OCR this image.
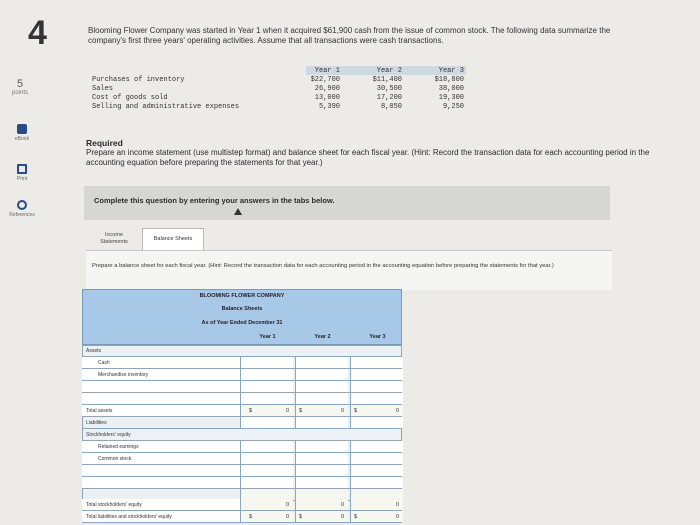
4
5
points
eBook
Print
References
Blooming Flower Company was started in Year 1 when it acquired $61,900 cash from the issue of common stock. The following data summarize the company's first three years' operating activities. Assume that all transactions were cash transactions.
Year 1	Year 2	Year 3
Purchases of inventory	$22,700	$11,400	$18,800
Sales	26,900	30,500	38,000
Cost of goods sold	13,000	17,200	19,300
Selling and administrative expenses	5,390	8,050	9,250
Required
Prepare an income statement (use multistep format) and balance sheet for each fiscal year. (Hint: Record the transaction data for each accounting period in the accounting equation before preparing the statements for that year.)
Complete this question by entering your answers in the tabs below.
Income
Statements	Balance Sheets
Prepare a balance sheet for each fiscal year. (Hint: Record the transaction data for each accounting period in the accounting equation before preparing the statements for that year.)
BLOOMING FLOWER COMPANY
Balance Sheets
As of Year Ended December 31
Year 1	Year 2	Year 3
Assets
Cash
Merchandise inventory
Total assets	$	0 $	0 $	0
Liabilities
Stockholders' equity
Retained earnings
Common stock
Total stockholders' equity	0	0	0
Total liabilities and stockholders' equity	$	0 $	0 $	0
